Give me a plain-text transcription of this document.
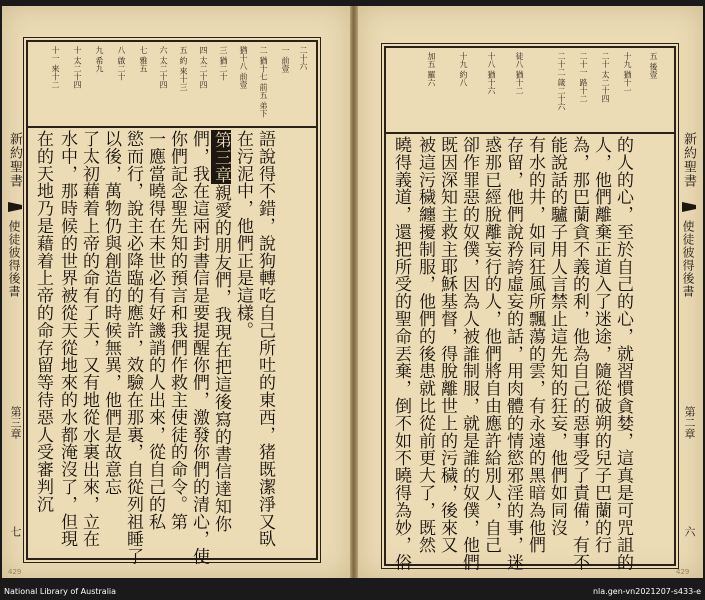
二十六
一 前壹
二 猶十七 前五 弟下
猶十八 前壹
三 猶二十
四 太二十四
五 約 來十三
六 太二十四
七 雅五
八 啟二十
九 希九
十 太二十四
十一 來十二
語說得不錯，說狗轉吃自己所吐的東西，猪既潔淨又臥
在污泥中，他們正是這樣。
第三章親愛的朋友們，我現在把這後寫的書信達知你
們，我在這兩封書信是要提醒你們，激發你們的清心，使
你們記念聖先知的預言和我們作救主使徒的命令。第
一應當曉得在末世必有好譏誚的人出來，從自己的私
慾而行，說主必降臨的應許，效驗在那裏，自從列祖睡了
以後，萬物仍與創造的時候無異，他們是故意忘
了太初藉着上帝的命有了天，又有地從水裏出來，立在
水中，那時候的世界被從天從地來的水都淹沒了，但現
在的天地乃是藉着上帝的命存留等待惡人受審判沉
新約聖書
使徒彼得後書
第三章
七
429
五 後壹
十九 猶十一
二十 太二十四
二十一 路十二
二十二 箴二十六
徒八 猶十二
十八 猶十六
十九 約八
加五 羅六
的人的心，至於自己的心，就習慣貪婪，這真是可咒詛的
人，他們離棄正道入了迷途，隨從破朔的兒子巴蘭的行
為，那巴蘭貪不義的利，他為自己的惡事受了責備，有不
能說話的驢子用人言禁止這先知的狂妄，他們如同沒
有水的井，如同狂風所飄蕩的雲，有永遠的黑暗為他們
存留，他們說矜誇虛妄的話，用肉體的情慾邪淫的事，迷
惑那已經脫離妄行的人，他們將自由應許給別人，自己
卻作罪惡的奴僕，因為人被誰制服，就是誰的奴僕，他們
既因深知主救主耶穌基督，得脫離世上的污穢，後來又
被這污穢纏擾制服，他們的後患就比從前更大了，既然
曉得義道，還把所受的聖命丟棄，倒不如不曉得為妙，俗	新約聖書
使徒彼得後書
第二章
六
429
National Library of Australia	nla.gen-vn2021207-s433-e
